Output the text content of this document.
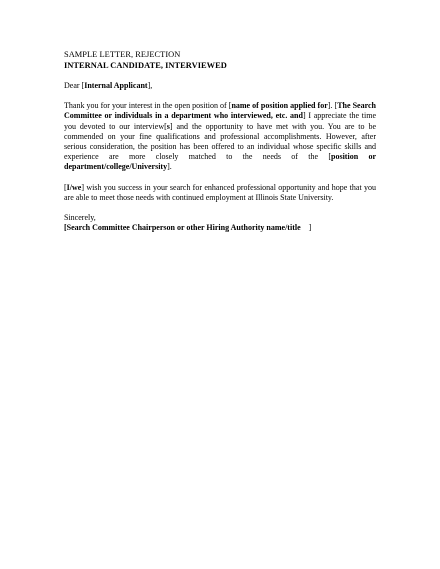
SAMPLE LETTER, REJECTION

INTERNAL CANDIDATE, INTERVIEWED

Dear [Internal Applicant],

Thank you for your interest in the open position of [name of position applied for]. [The Search Committee or individuals in a department who interviewed, etc. and] I appreciate the time you devoted to our interview[s] and the opportunity to have met with you. You are to be commended on your fine qualifications and professional accomplishments. However, after serious consideration, the position has been offered to an individual whose specific skills and experience are more closely matched to the needs of the [position or department/college/University].

[I/we] wish you success in your search for enhanced professional opportunity and hope that you are able to meet those needs with continued employment at Illinois State University.

Sincerely,

[Search Committee Chairperson or other Hiring Authority name/title    ]
